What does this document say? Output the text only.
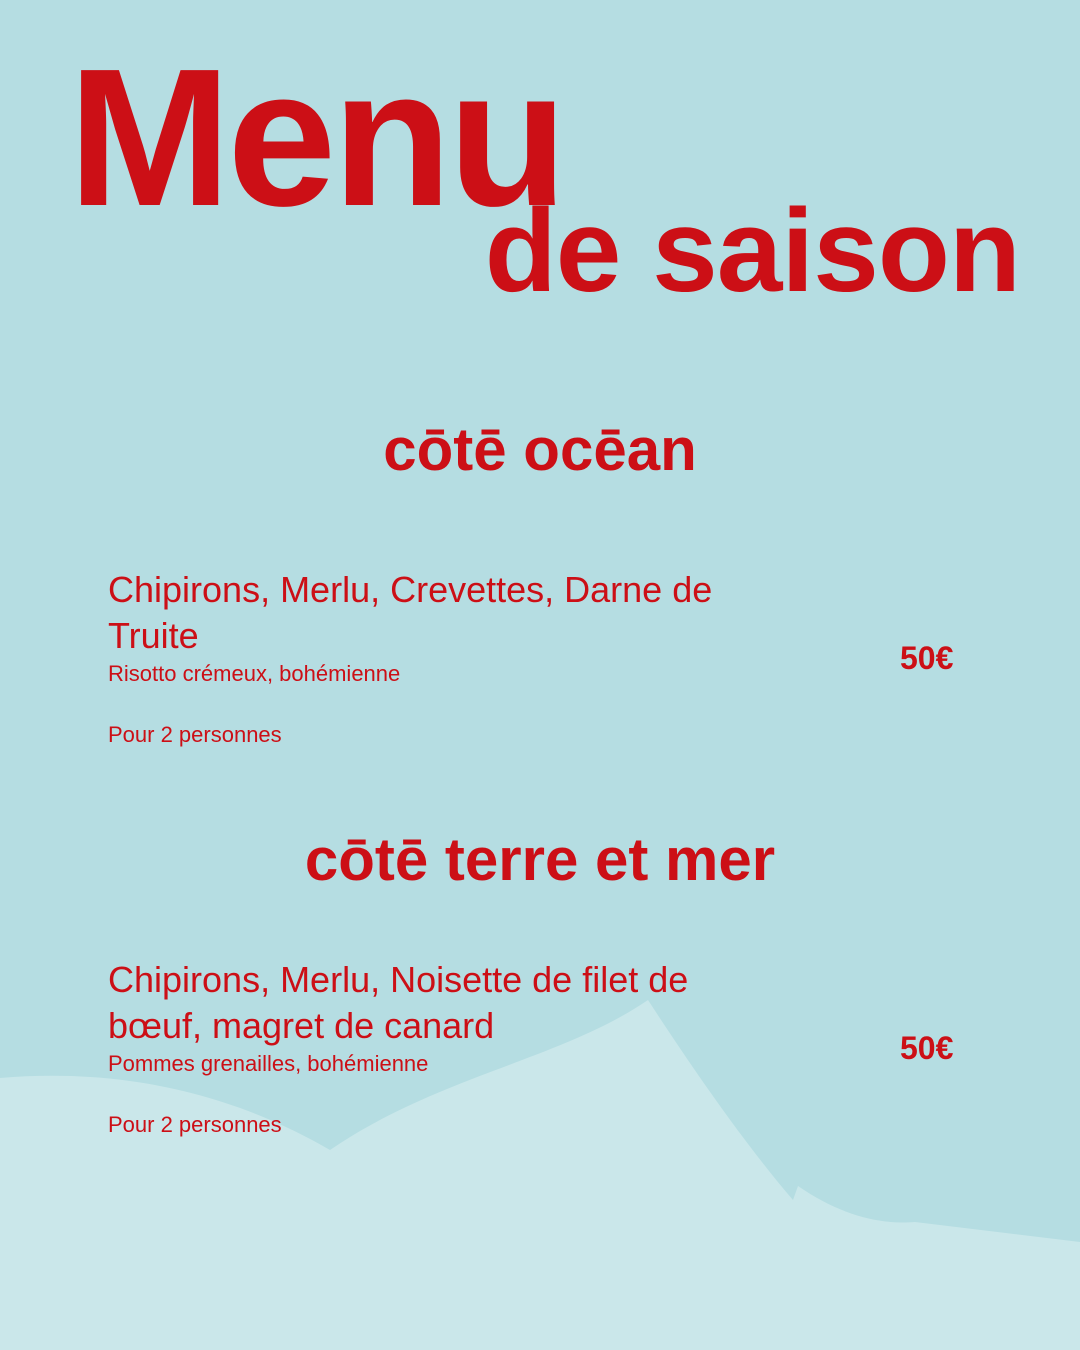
Menu
de saison
cōtē ocēan
Chipirons, Merlu, Crevettes, Darne de Truite
Risotto crémeux, bohémienne
Pour 2 personnes
50€
cōtē terre et mer
Chipirons, Merlu, Noisette de filet de bœuf, magret de canard
Pommes grenailles, bohémienne
Pour 2 personnes
50€
